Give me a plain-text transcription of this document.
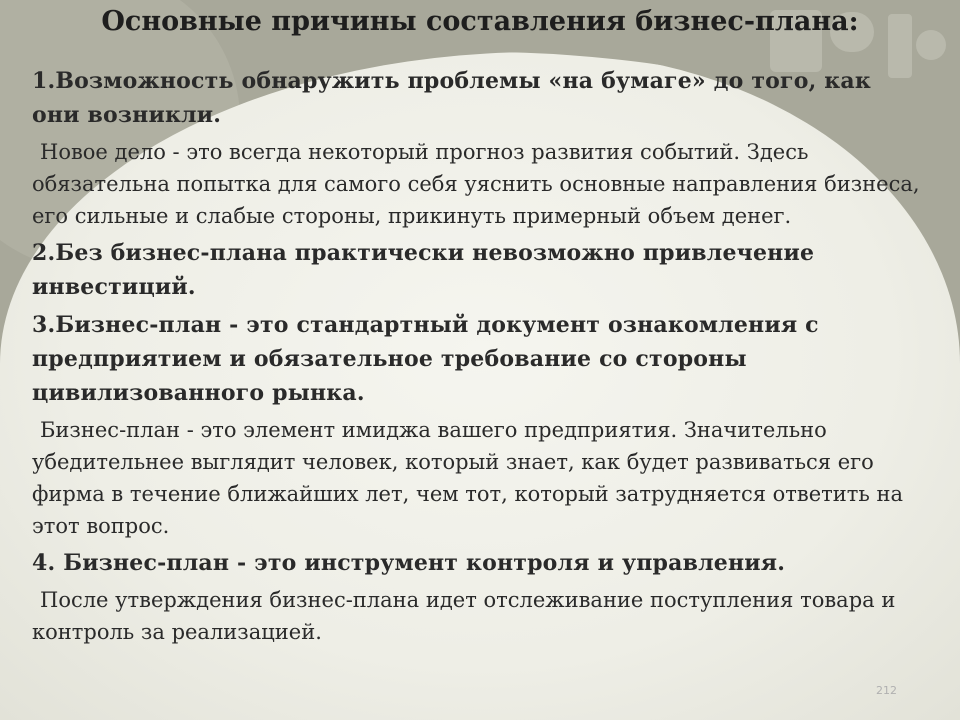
Основные причины составления бизнес-плана:
1.Возможность обнаружить проблемы «на бумаге» до того, как они возникли.
Новое дело - это всегда некоторый прогноз развития событий. Здесь обязательна попытка для самого себя уяснить основные направления бизнеса, его сильные и слабые стороны, прикинуть примерный объем денег.
2.Без бизнес-плана практически невозможно привлечение инвестиций.
3.Бизнес-план - это стандартный документ ознакомления с предприятием и обязательное требование со стороны цивилизованного рынка.
Бизнес-план - это элемент имиджа вашего предприятия. Значительно убедительнее выглядит человек, который знает, как будет развиваться его фирма в течение ближайших лет, чем тот, который затрудняется ответить на этот вопрос.
4. Бизнес-план - это инструмент контроля и управления.
После утверждения бизнес-плана идет отслеживание поступления товара и контроль за реализацией.
212
